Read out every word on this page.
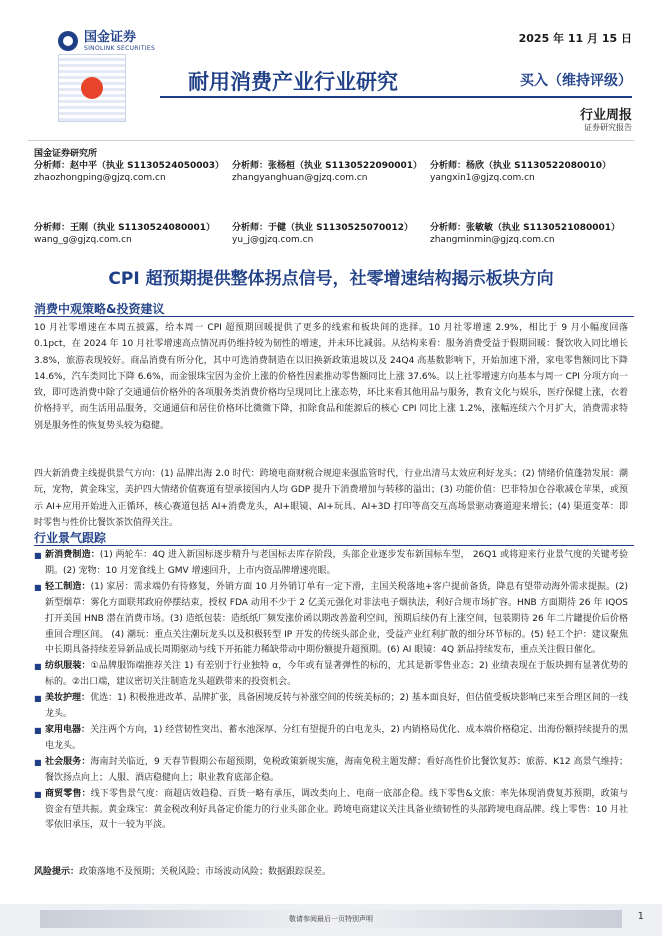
国金证券
SINOLINK SECURITIES
2025 年 11 月 15 日
耐用消费产业行业研究	买入（维持评级）
行业周报
证券研究报告
国金证券研究所
分析师：赵中平（执业 S1130524050003）
zhaozhongping@gjzq.com.cn
分析师：张杨桓（执业 S1130522090001）
zhangyanghuan@gjzq.com.cn
分析师：杨欣（执业 S1130522080010）
yangxin1@gjzq.com.cn
分析师：王刚（执业 S1130524080001）
wang_g@gjzq.com.cn
分析师：于健（执业 S1130525070012）
yu_j@gjzq.com.cn
分析师：张敏敏（执业 S1130521080001）
zhangminmin@gjzq.com.cn
CPI 超预期提供整体拐点信号，社零增速结构揭示板块方向
消费中观策略&投资建议
10 月社零增速在本周五披露，给本周一 CPI 超预期回暖提供了更多的线索和板块间的选择。10 月社零增速 2.9%，相比于 9 月小幅度回落 0.1pct，在 2024 年 10 月社零增速高点情况再仍维持较为韧性的增速，并未环比减弱。从结构来看：服务消费受益于假期回暖：餐饮收入同比增长 3.8%，旅游表现较好。商品消费有所分化，其中可选消费制造在以旧换新政策退坡以及 24Q4 高基数影响下，开始加速下滑，家电零售额同比下降 14.6%，汽车类同比下降 6.6%，而金银珠宝因为金价上涨的价格性因素推动零售额同比上涨 37.6%。以上社零增速方向基本与周一 CPI 分项方向一致，即可选消费中除了交通通信价格外的各项服务类消费价格均呈现同比上涨态势，环比来看其他用品与服务，教育文化与娱乐，医疗保健上涨，衣着价格持平，而生活用品服务，交通通信和居住价格环比微微下降，扣除食品和能源后的核心 CPI 同比上涨 1.2%，涨幅连续六个月扩大，消费需求特别是服务性的恢复势头较为稳健。
四大新消费主线提供景气方向：(1) 品牌出海 2.0 时代：跨境电商财税合规迎来强监管时代，行业出清马太效应利好龙头；(2) 情绪价值蓬勃发展：潮玩，宠物，黄金珠宝，美护四大情绪价值赛道有望承接国内人均 GDP 提升下消费增加与转移的溢出；(3) 功能价值：巴菲特加仓谷歌减仓苹果，或预示 AI+应用开始进入正循环，核心赛道包括 AI+消费龙头，AI+眼镜、AI+玩具、AI+3D 打印等高交互高场景驱动赛道迎来增长；(4) 渠道变革：即时零售与性价比餐饮茶饮值得关注。
行业景气跟踪
■ 新消费制造：(1) 两轮车：4Q 进入新国标逐步精升与老国标去库存阶段，头部企业逐步发布新国标车型， 26Q1 或将迎来行业景气度的关键考验期。(2) 宠物：10 月宠食线上 GMV 增速回升，上市内资品牌增速亮眼。
■ 轻工制造：(1) 家居：需求端仍有待修复，外销方面 10 月外销订单有一定下滑，主国关税落地+客户提前备货，降息有望带动海外需求提振。(2) 新型烟草：雾化方面联邦政府停摆结束，授权 FDA 动用不少于 2 亿美元强化对非法电子烟执法，利好合规市场扩容。HNB 方面期待 26 年 IQOS 打开美国 HNB 潜在消费市场。(3) 造纸包装：造纸纸厂频发涨价函以期改善盈利空间，预期后续仍有上涨空间，包装期待 26 年二片罐提价后价格重回合理区间。 (4) 潮玩：重点关注潮玩龙头以及积极转型 IP 开发的传统头部企业，受益产业红利扩散的细分环节标的。(5) 轻工个护：建议聚焦中长期具备持续差异新品成长周期驱动与线下开拓能力稀缺带动中期份额提升超预期。(6) AI 眼镜：4Q 新品持续发布，重点关注假日催化。
■ 纺织服装：①品牌服饰端推荐关注 1) 有差别于行业独特 α，今年或有显著弹性的标的，尤其是新零售业态；2) 业绩表现在于版块拥有显著优势的标的。②出口端，建议密切关注制造龙头超跌带来的投资机会。
■ 美妆护理：优选：1) 积极推进改革、品牌扩张，具备困境反转与补涨空间的传统美标的；2) 基本面良好，但估值受板块影响已来至合理区间的一线龙头。
■ 家用电器：关注两个方向，1) 经营韧性突出、蓄水池深厚、分红有望提升的白电龙头，2) 内销格局优化、成本端价格稳定、出海份额持续提升的黑电龙头。
■ 社会服务：海南封关临近，9 天春节假期公布超预期，免税政策新规实施，海南免税主题发酵；看好高性价比餐饮复苏；旅游、K12 高景气维持；餐饮扬点向上；人服、酒店稳健向上；职业教育底部企稳。
■ 商贸零售：线下零售景气度：商超店效趋稳、百货一略有承压，调改类向上、电商一底部企稳。线下零售&文旅：率先体现消费复苏预期，政策与资金有望共振。黄金珠宝：黄金税改利好具备定价能力的行业头部企业。跨境电商建议关注具备业绩韧性的头部跨境电商品牌。线上零售：10 月社零依旧承压，双十一较为平淡。
风险提示：政策落地不及预期；关税风险；市场波动风险；数据跟踪误差。
敬请参阅最后一页特别声明	1
